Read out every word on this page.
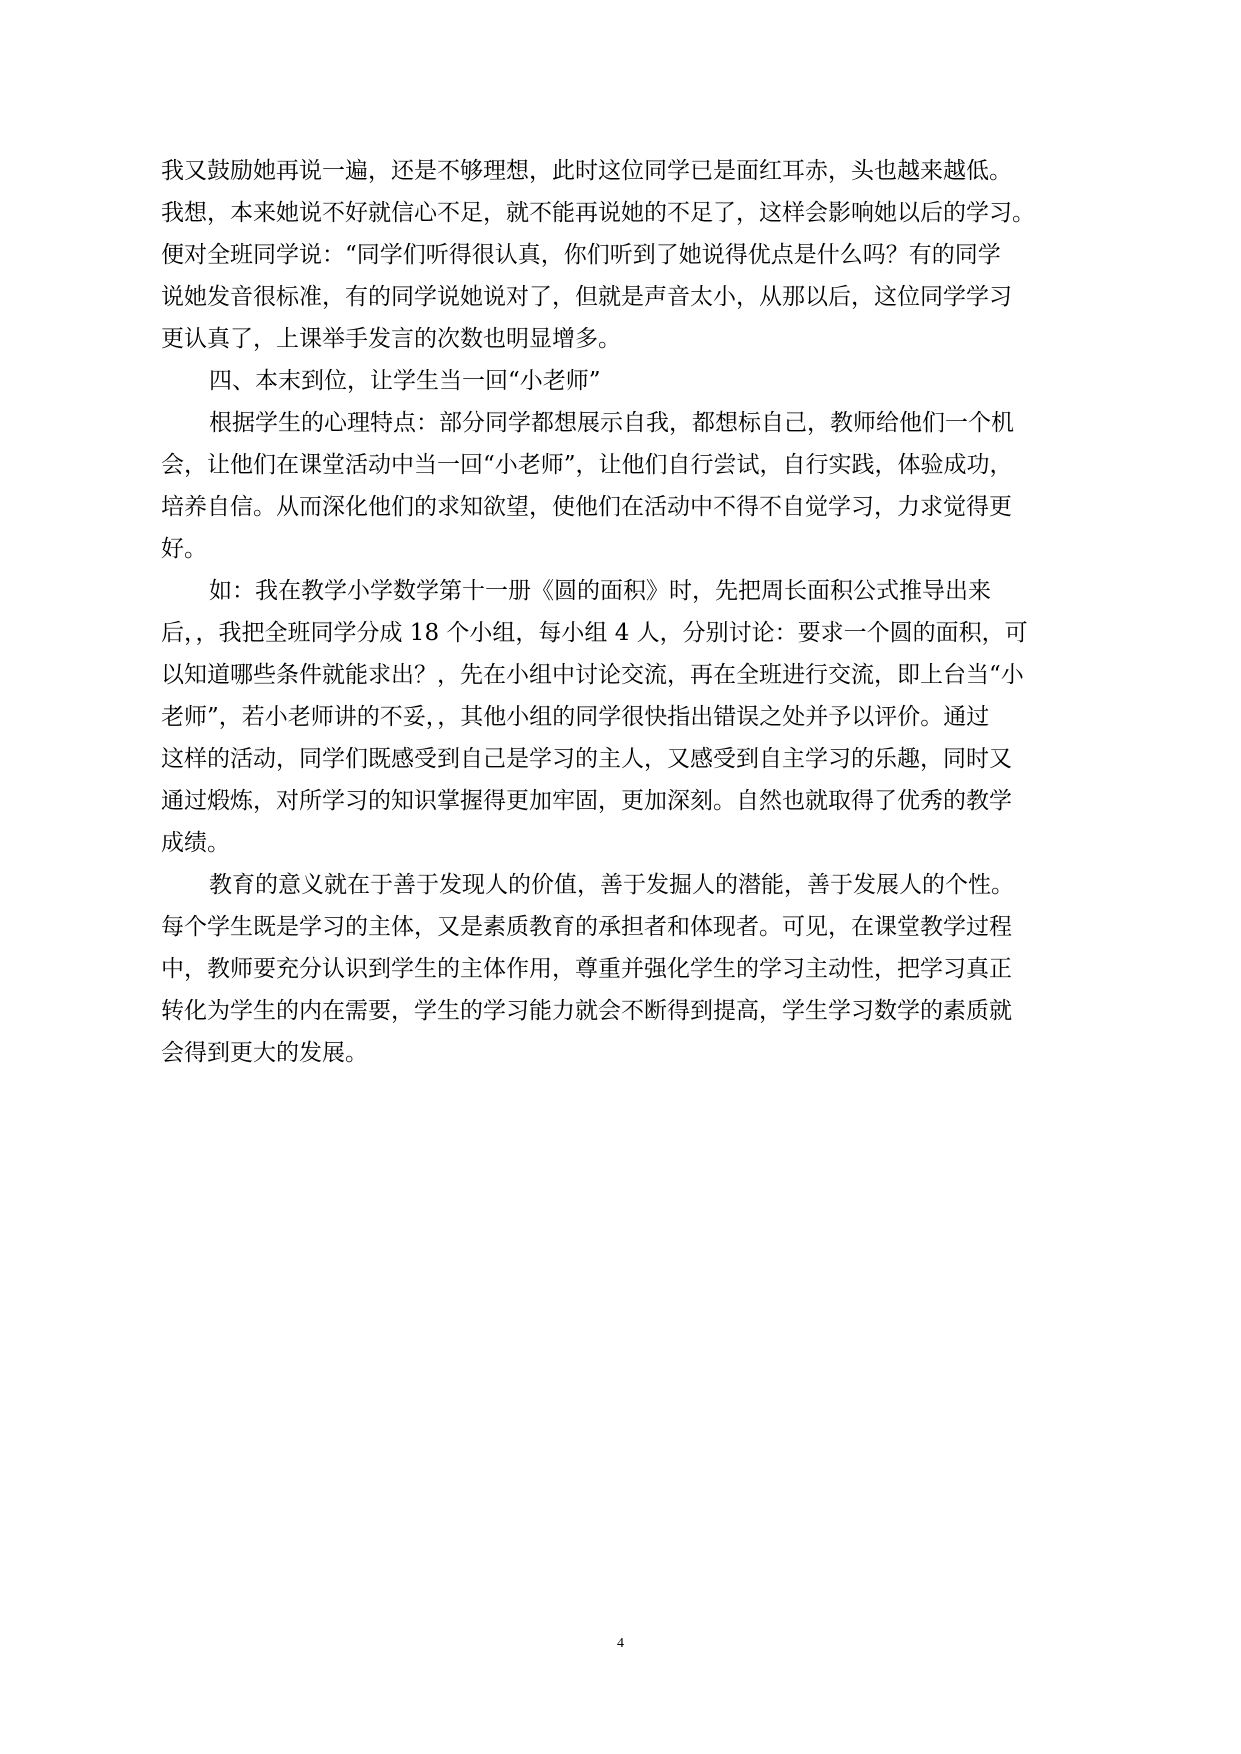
我又鼓励她再说一遍，还是不够理想，此时这位同学已是面红耳赤，头也越来越低。
我想，本来她说不好就信心不足，就不能再说她的不足了，这样会影响她以后的学习。
便对全班同学说：“同学们听得很认真，你们听到了她说得优点是什么吗？有的同学
说她发音很标准，有的同学说她说对了，但就是声音太小，从那以后，这位同学学习
更认真了，上课举手发言的次数也明显增多。
四、本末到位，让学生当一回“小老师”
根据学生的心理特点：部分同学都想展示自我，都想标自己，教师给他们一个机
会，让他们在课堂活动中当一回“小老师”，让他们自行尝试，自行实践，体验成功，
培养自信。从而深化他们的求知欲望，使他们在活动中不得不自觉学习，力求觉得更
好。
如：我在教学小学数学第十一册《圆的面积》时，先把周长面积公式推导出来
后，，我把全班同学分成 18 个小组，每小组 4 人，分别讨论：要求一个圆的面积，可
以知道哪些条件就能求出？，先在小组中讨论交流，再在全班进行交流，即上台当“小
老师”，若小老师讲的不妥，，其他小组的同学很快指出错误之处并予以评价。通过
这样的活动，同学们既感受到自己是学习的主人，又感受到自主学习的乐趣，同时又
通过煅炼，对所学习的知识掌握得更加牢固，更加深刻。自然也就取得了优秀的教学
成绩。
教育的意义就在于善于发现人的价值，善于发掘人的潜能，善于发展人的个性。
每个学生既是学习的主体，又是素质教育的承担者和体现者。可见，在课堂教学过程
中，教师要充分认识到学生的主体作用，尊重并强化学生的学习主动性，把学习真正
转化为学生的内在需要，学生的学习能力就会不断得到提高，学生学习数学的素质就
会得到更大的发展。
4
